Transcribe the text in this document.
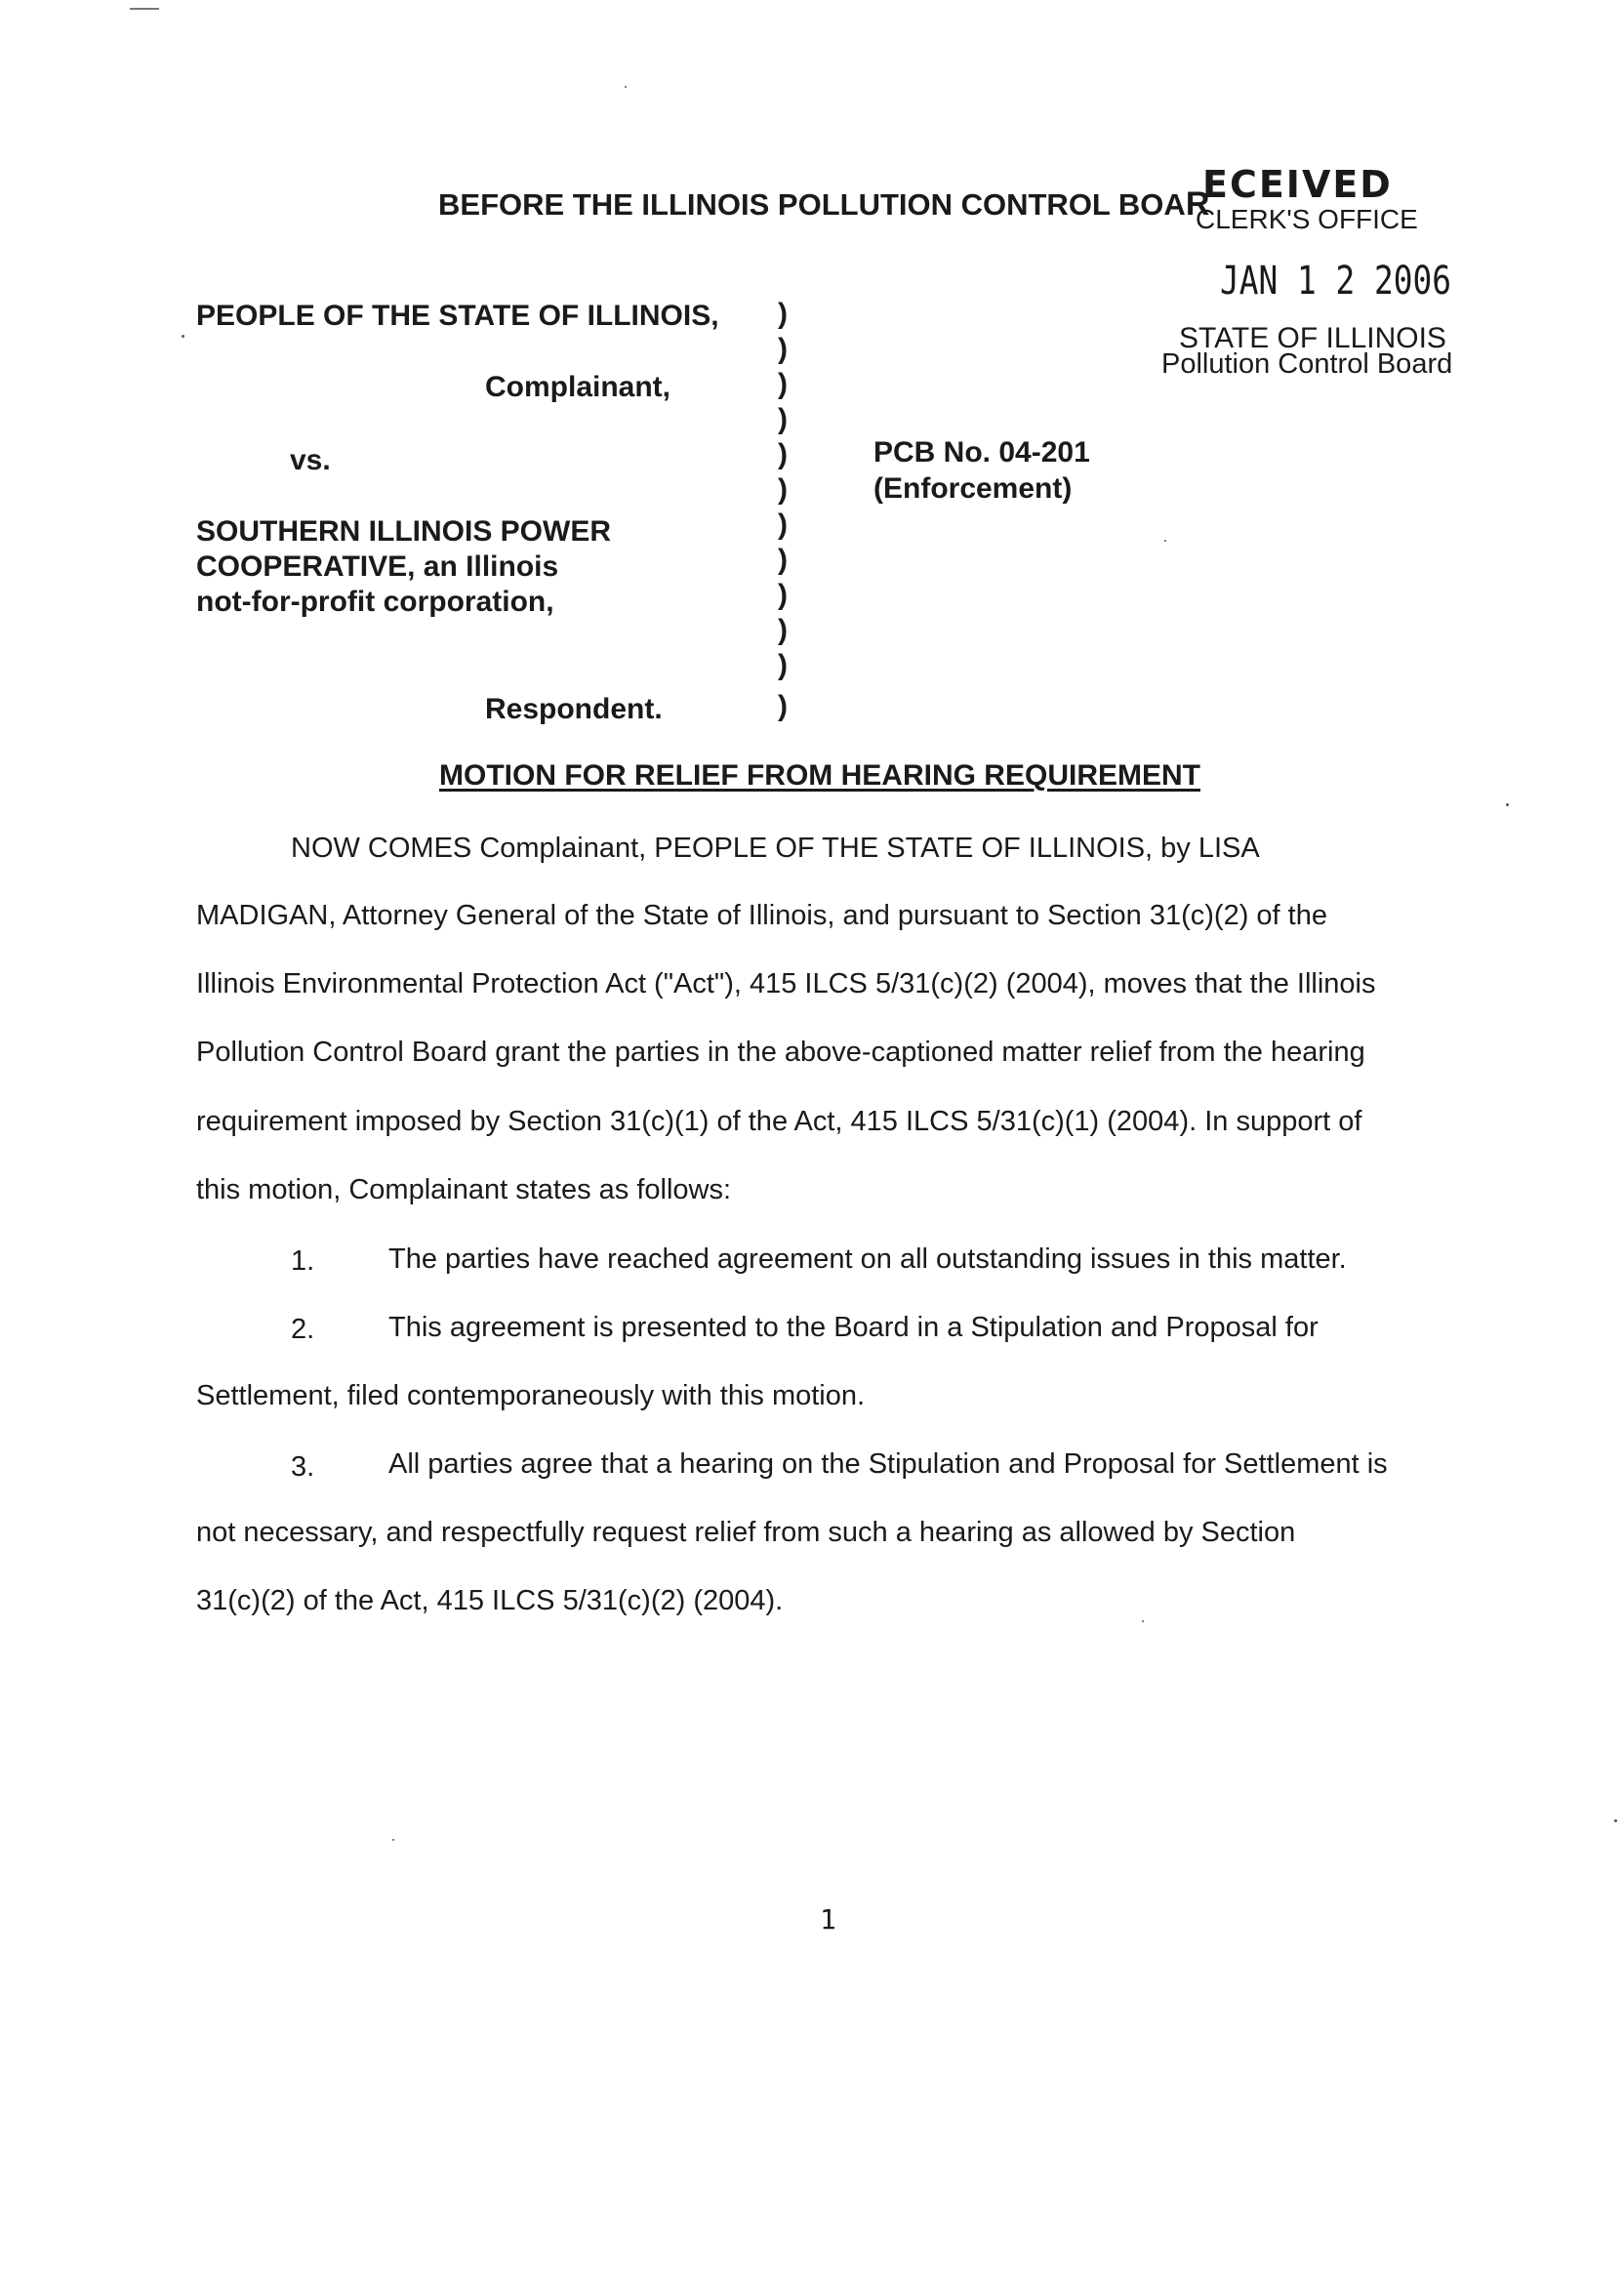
BEFORE THE ILLINOIS POLLUTION CONTROL BOAR
ECEIVED
CLERK'S OFFICE
JAN 1 2 2006
STATE OF ILLINOIS
Pollution Control Board
PEOPLE OF THE STATE OF ILLINOIS,
Complainant,
vs.
SOUTHERN ILLINOIS POWER
COOPERATIVE, an Illinois
not-for-profit corporation,
Respondent.
)
)
)
)
)
)
)
)
)
)
)
)
PCB No. 04-201
(Enforcement)
MOTION FOR RELIEF FROM HEARING REQUIREMENT
NOW COMES Complainant, PEOPLE OF THE STATE OF ILLINOIS, by LISA
MADIGAN, Attorney General of the State of Illinois, and pursuant to Section 31(c)(2) of the
Illinois Environmental Protection Act ("Act"), 415 ILCS 5/31(c)(2) (2004), moves that the Illinois
Pollution Control Board grant the parties in the above-captioned matter relief from the hearing
requirement imposed by Section 31(c)(1) of the Act, 415 ILCS 5/31(c)(1) (2004). In support of
this motion, Complainant states as follows:
1.	The parties have reached agreement on all outstanding issues in this matter.
2.	This agreement is presented to the Board in a Stipulation and Proposal for
Settlement, filed contemporaneously with this motion.
3.	All parties agree that a hearing on the Stipulation and Proposal for Settlement is
not necessary, and respectfully request relief from such a hearing as allowed by Section
31(c)(2) of the Act, 415 ILCS 5/31(c)(2) (2004).
1
